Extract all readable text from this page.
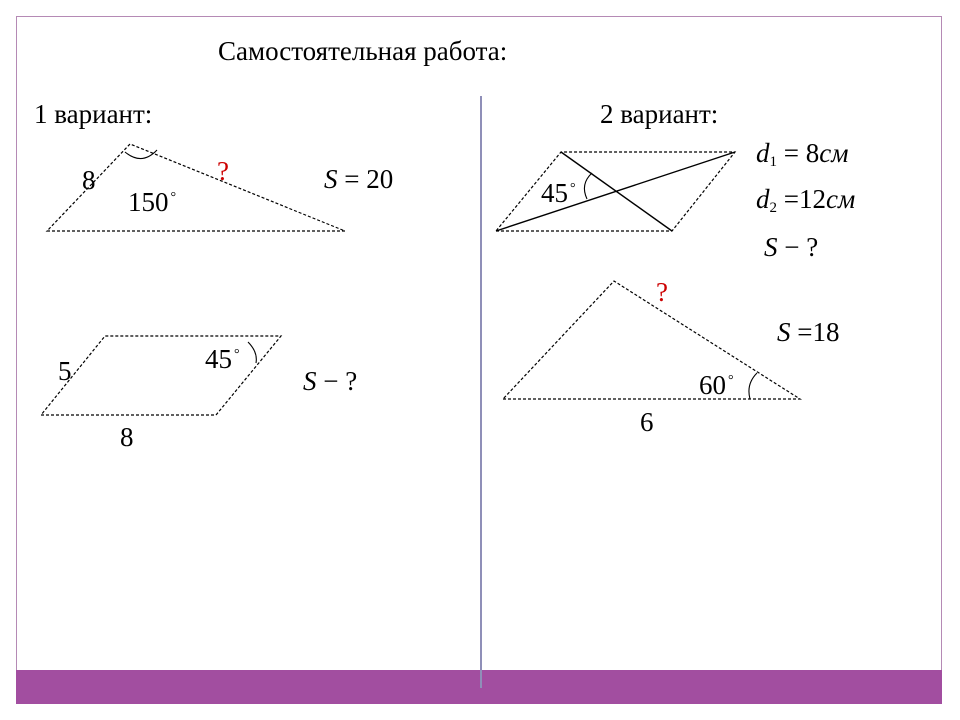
Самостоятельная работа:
1 вариант:	2 вариант:
8
150 °
?	S = 20
5
8
45 °
S − ?
45 °
$d_1 = 8см$
$d_2 =12см$
S − ?
?
S =18
60 °
6
